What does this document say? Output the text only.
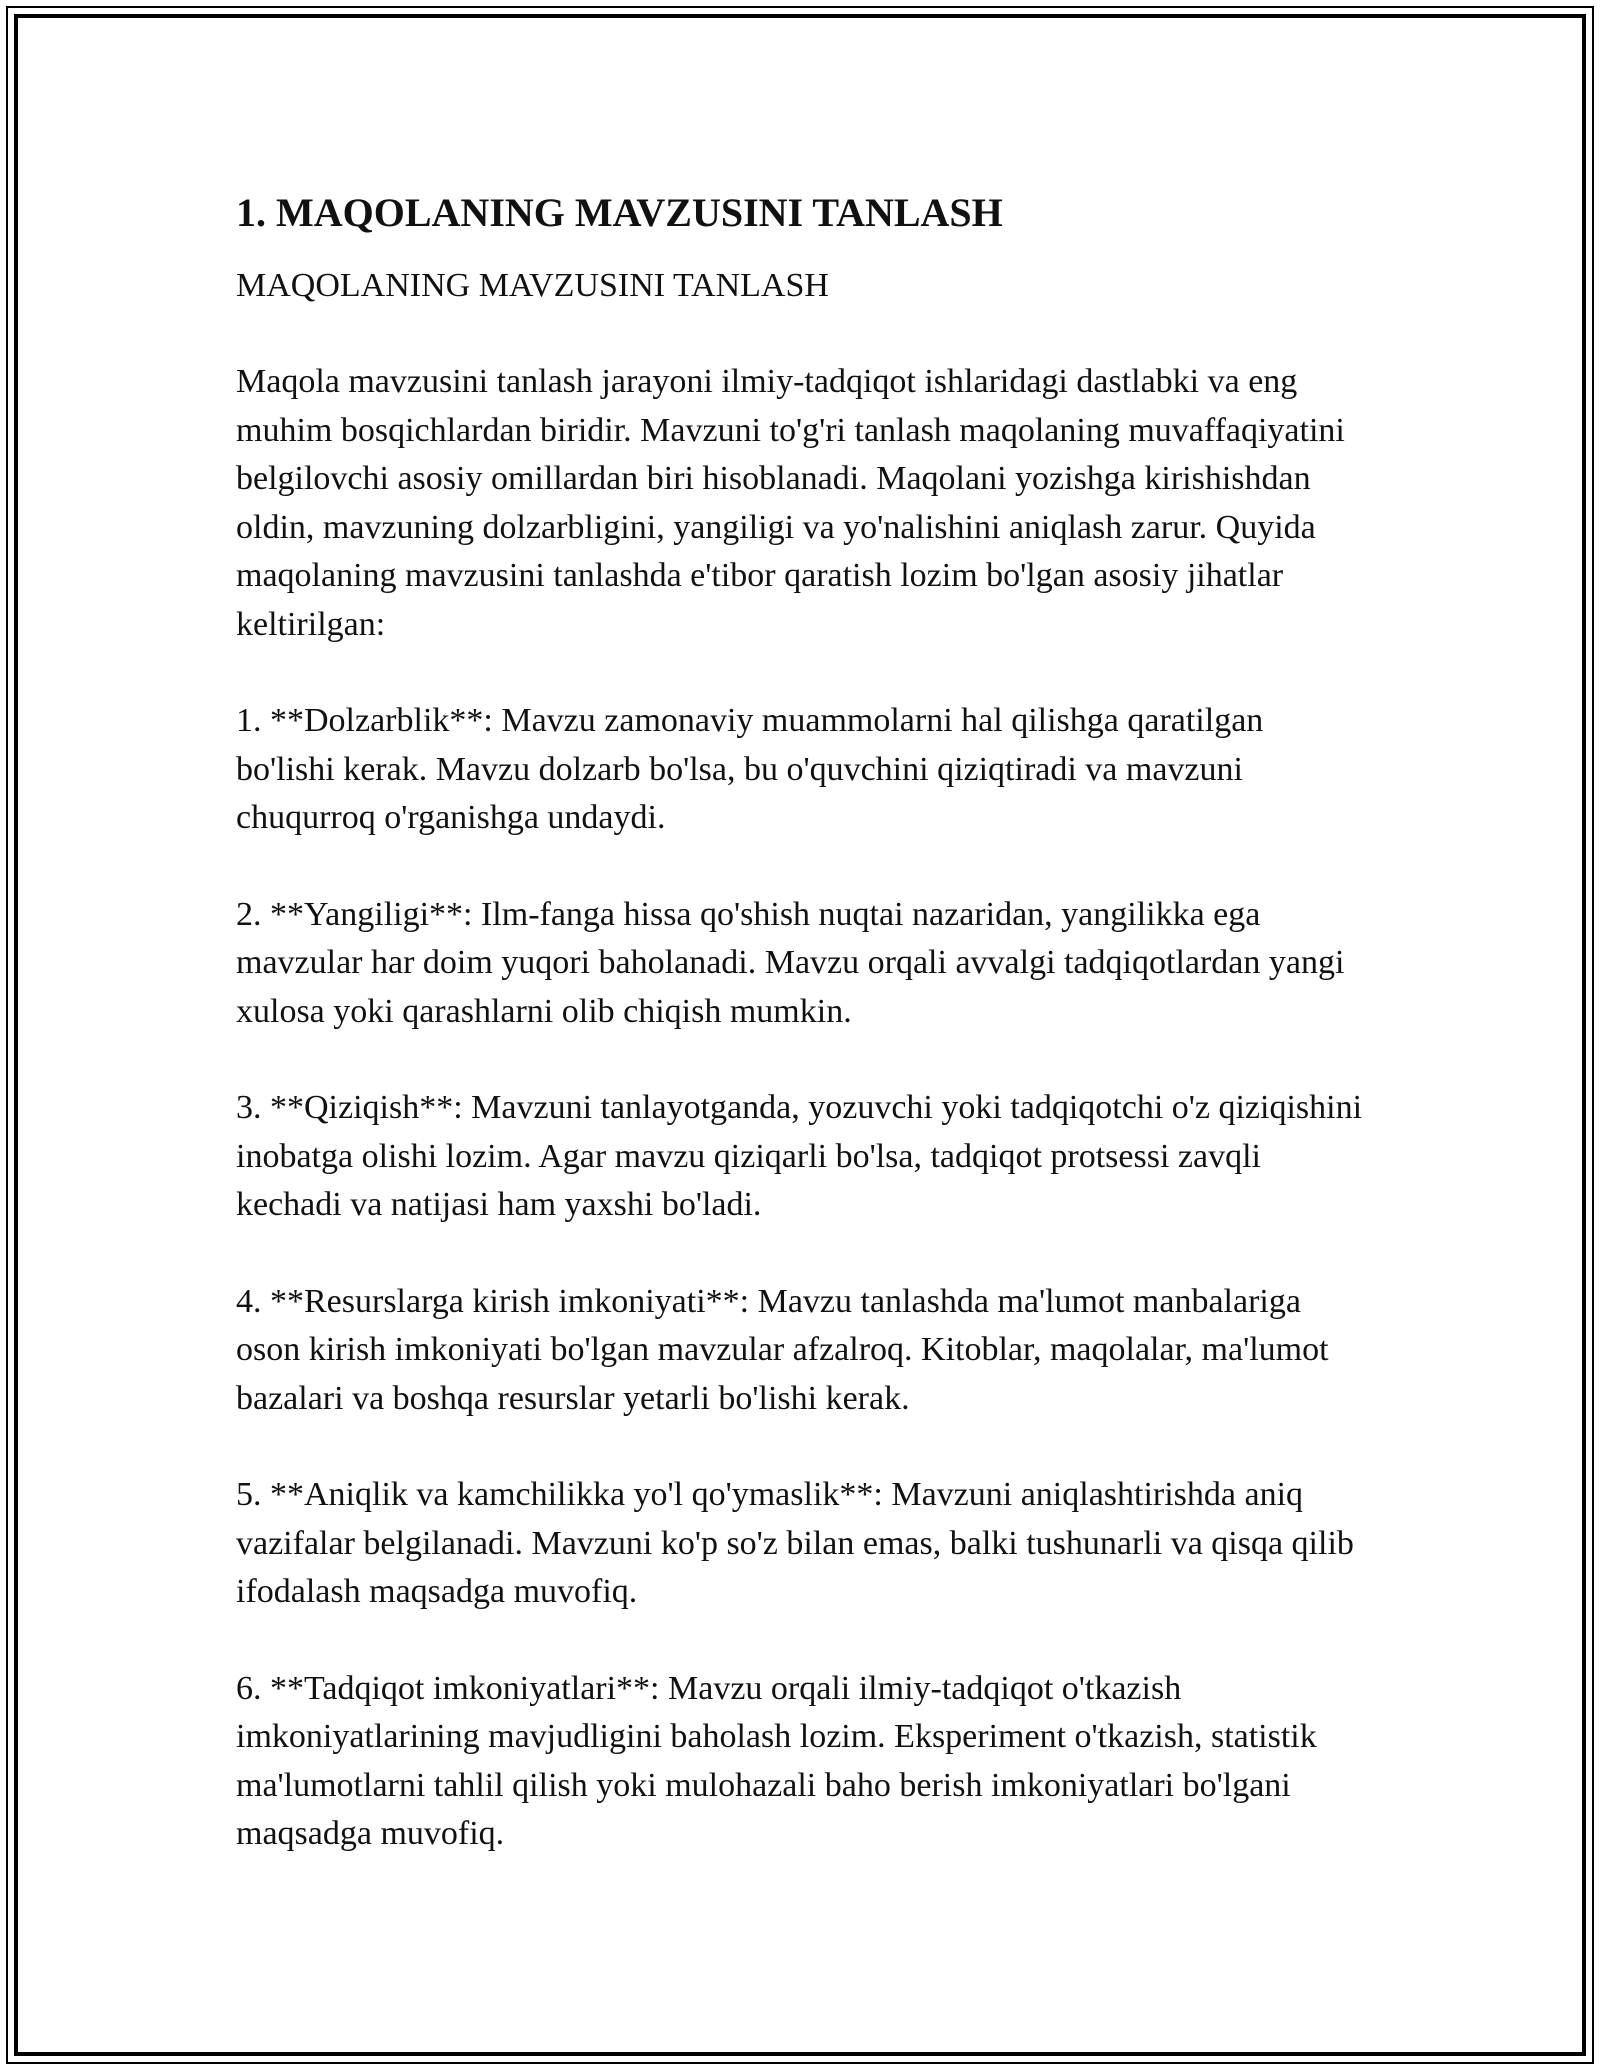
1. MAQOLANING MAVZUSINI TANLASH

MAQOLANING MAVZUSINI TANLASH

Maqola mavzusini tanlash jarayoni ilmiy-tadqiqot ishlaridagi dastlabki va eng muhim bosqichlardan biridir. Mavzuni to'g'ri tanlash maqolaning muvaffaqiyatini belgilovchi asosiy omillardan biri hisoblanadi. Maqolani yozishga kirishishdan oldin, mavzuning dolzarbligini, yangiligi va yo'nalishini aniqlash zarur. Quyida maqolaning mavzusini tanlashda e'tibor qaratish lozim bo'lgan asosiy jihatlar keltirilgan:

1. **Dolzarblik**: Mavzu zamonaviy muammolarni hal qilishga qaratilgan bo'lishi kerak. Mavzu dolzarb bo'lsa, bu o'quvchini qiziqtiradi va mavzuni chuqurroq o'rganishga undaydi.

2. **Yangiligi**: Ilm-fanga hissa qo'shish nuqtai nazaridan, yangilikka ega mavzular har doim yuqori baholanadi. Mavzu orqali avvalgi tadqiqotlardan yangi xulosa yoki qarashlarni olib chiqish mumkin.

3. **Qiziqish**: Mavzuni tanlayotganda, yozuvchi yoki tadqiqotchi o'z qiziqishini inobatga olishi lozim. Agar mavzu qiziqarli bo'lsa, tadqiqot protsessi zavqli kechadi va natijasi ham yaxshi bo'ladi.

4. **Resurslarga kirish imkoniyati**: Mavzu tanlashda ma'lumot manbalariga oson kirish imkoniyati bo'lgan mavzular afzalroq. Kitoblar, maqolalar, ma'lumot bazalari va boshqa resurslar yetarli bo'lishi kerak.

5. **Aniqlik va kamchilikka yo'l qo'ymaslik**: Mavzuni aniqlashtirishda aniq vazifalar belgilanadi. Mavzuni ko'p so'z bilan emas, balki tushunarli va qisqa qilib ifodalash maqsadga muvofiq.

6. **Tadqiqot imkoniyatlari**: Mavzu orqali ilmiy-tadqiqot o'tkazish imkoniyatlarining mavjudligini baholash lozim. Eksperiment o'tkazish, statistik ma'lumotlarni tahlil qilish yoki mulohazali baho berish imkoniyatlari bo'lgani maqsadga muvofiq.
